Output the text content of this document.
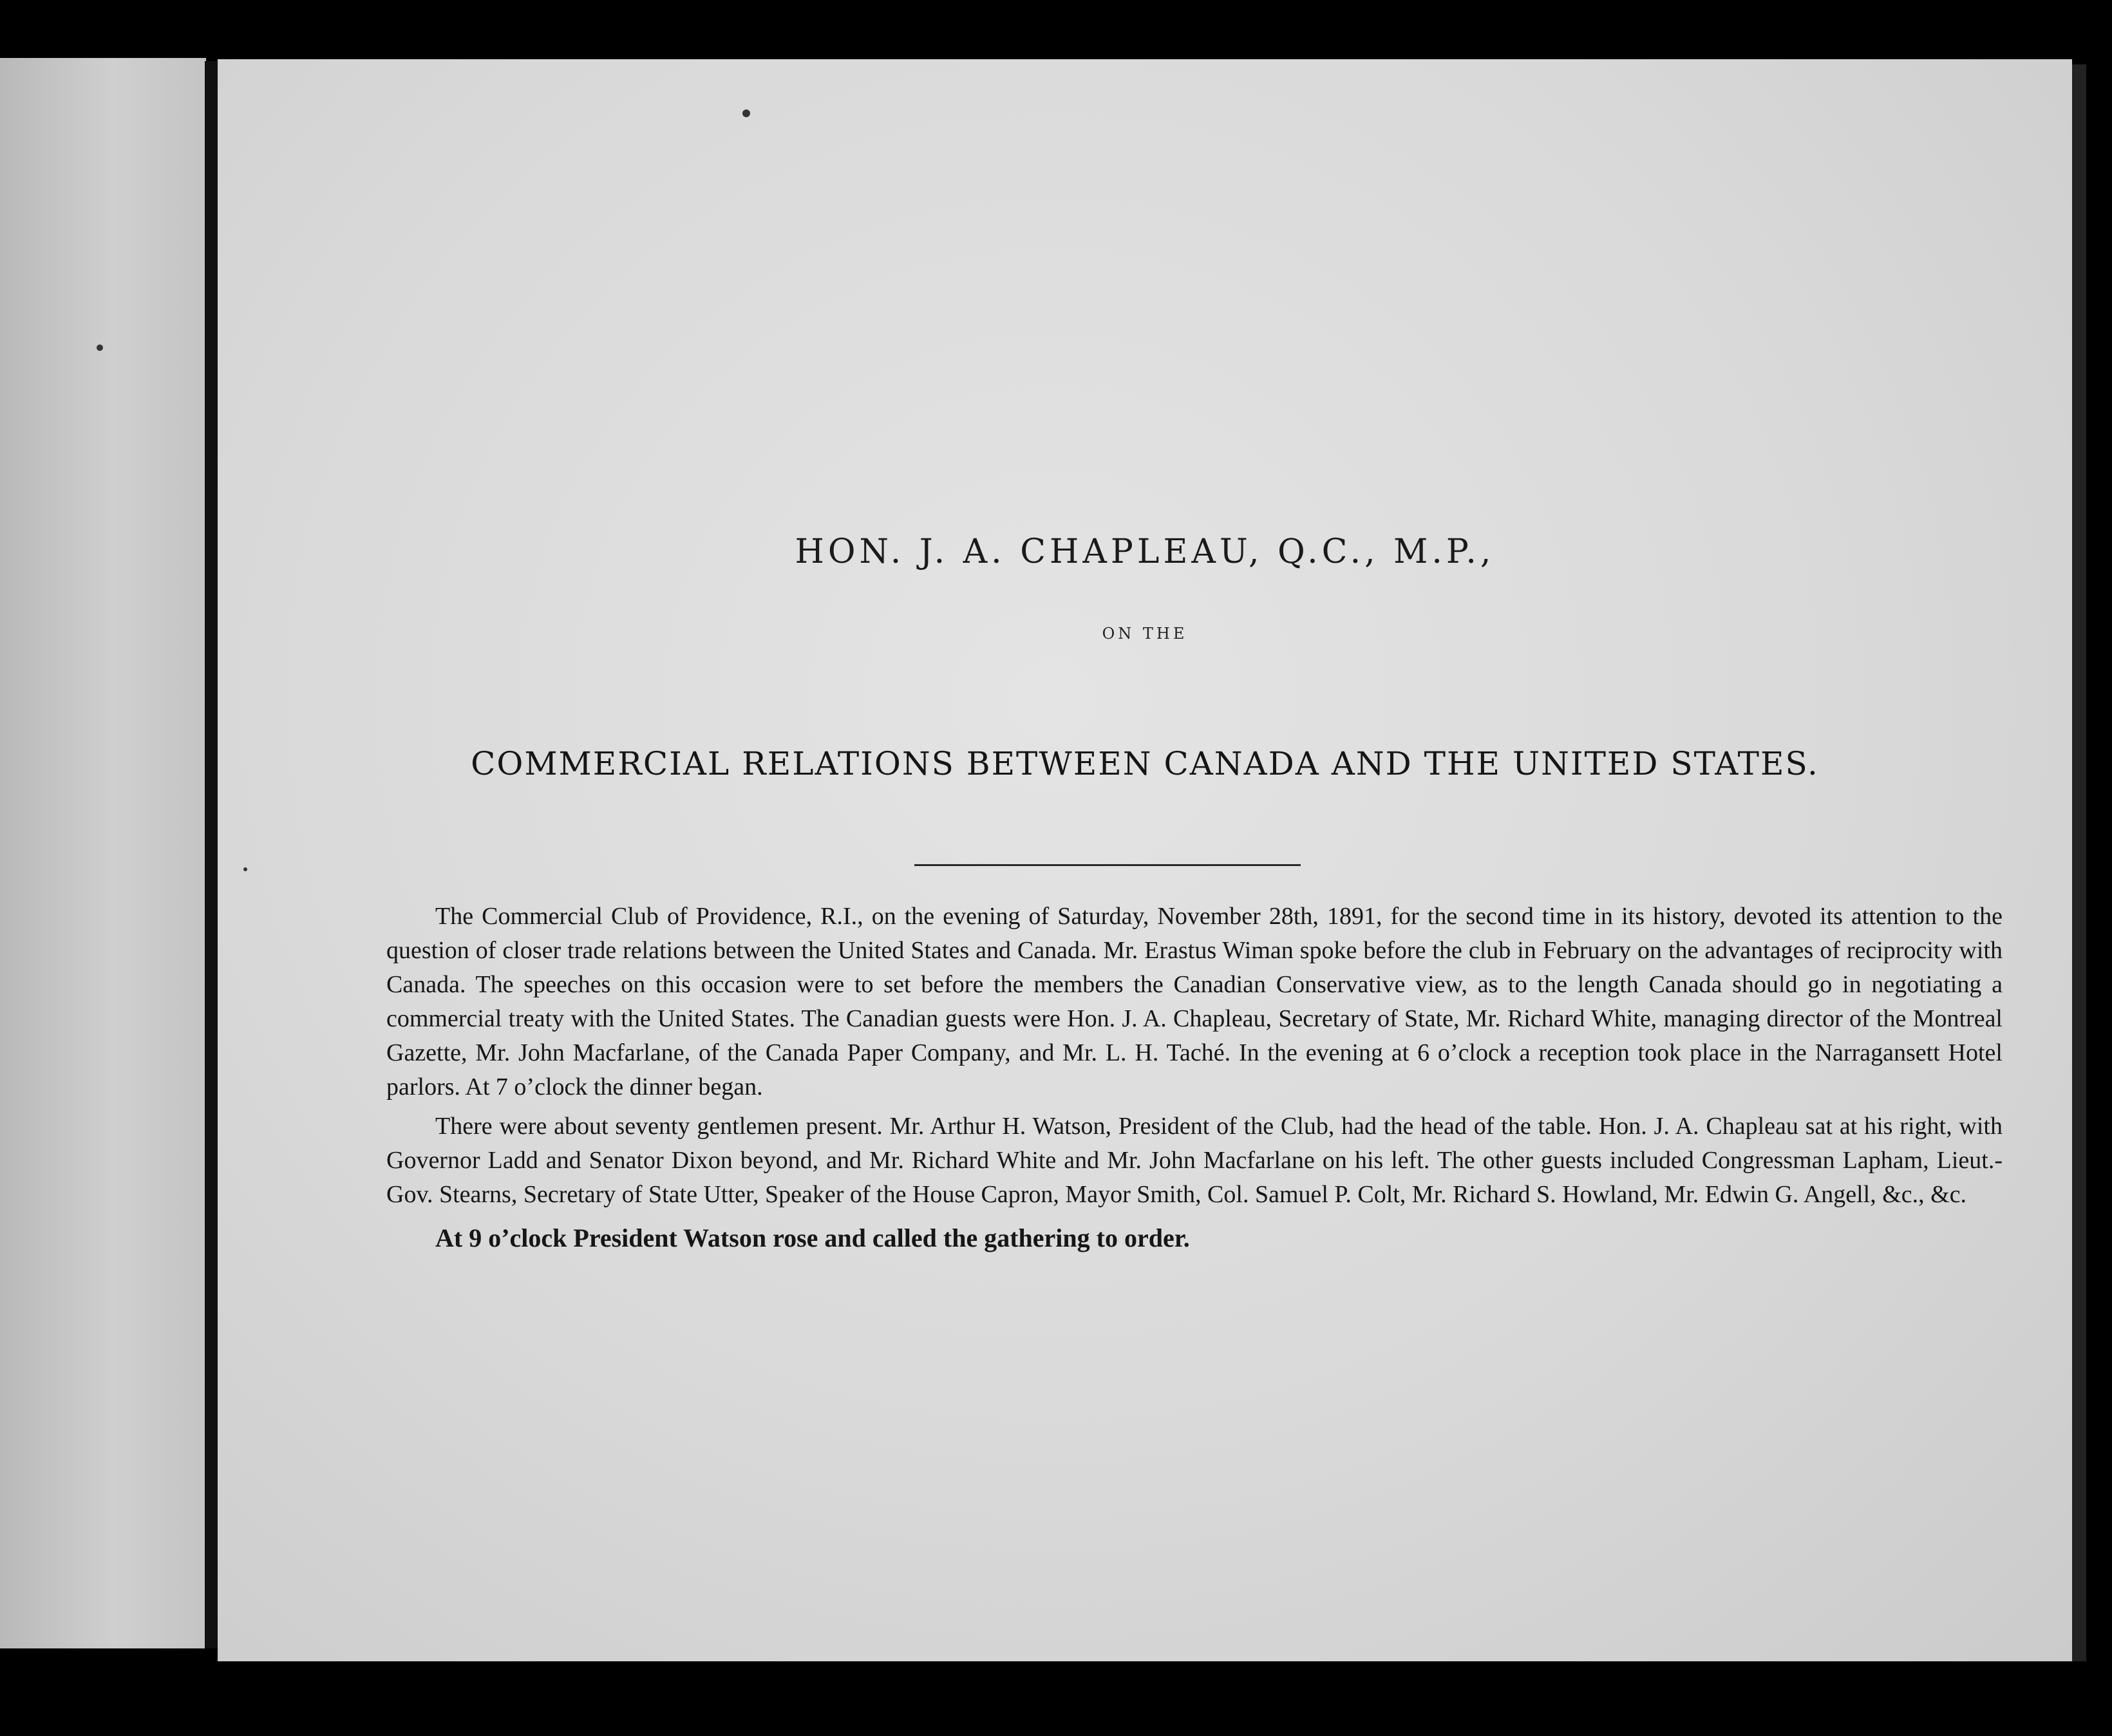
HON. J. A. CHAPLEAU, Q.C., M.P.,
ON THE
COMMERCIAL RELATIONS BETWEEN CANADA AND THE UNITED STATES.

The Commercial Club of Providence, R.I., on the evening of Saturday, November 28th, 1891, for the second time in its history, devoted its attention to the question of closer trade relations between the United States and Canada. Mr. Erastus Wiman spoke before the club in February on the advantages of reciprocity with Canada. The speeches on this occasion were to set before the members the Canadian Conservative view, as to the length Canada should go in negotiating a commercial treaty with the United States. The Canadian guests were Hon. J. A. Chapleau, Secretary of State, Mr. Richard White, managing director of the Montreal Gazette, Mr. John Macfarlane, of the Canada Paper Company, and Mr. L. H. Taché. In the evening at 6 o’clock a reception took place in the Narragansett Hotel parlors. At 7 o’clock the dinner began.

There were about seventy gentlemen present. Mr. Arthur H. Watson, President of the Club, had the head of the table. Hon. J. A. Chapleau sat at his right, with Governor Ladd and Senator Dixon beyond, and Mr. Richard White and Mr. John Macfarlane on his left. The other guests included Congressman Lapham, Lieut.-Gov. Stearns, Secretary of State Utter, Speaker of the House Capron, Mayor Smith, Col. Samuel P. Colt, Mr. Richard S. Howland, Mr. Edwin G. Angell, &c., &c.

At 9 o’clock President Watson rose and called the gathering to order.
